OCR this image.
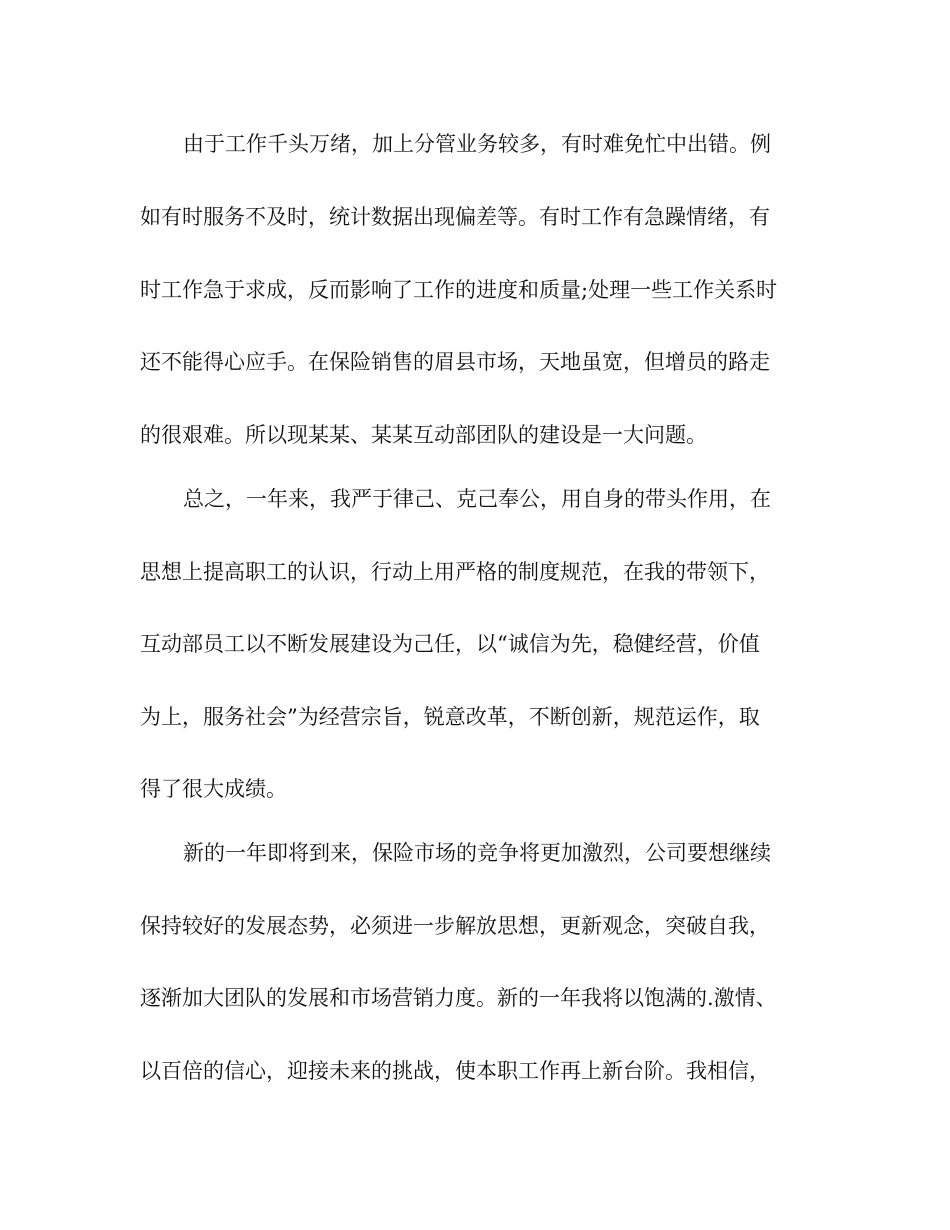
由于工作千头万绪，加上分管业务较多，有时难免忙中出错。例
如有时服务不及时，统计数据出现偏差等。有时工作有急躁情绪，有
时工作急于求成，反而影响了工作的进度和质量;处理一些工作关系时
还不能得心应手。在保险销售的眉县市场，天地虽宽，但增员的路走
的很艰难。所以现某某、某某互动部团队的建设是一大问题。
总之，一年来，我严于律己、克己奉公，用自身的带头作用，在
思想上提高职工的认识，行动上用严格的制度规范，在我的带领下，
互动部员工以不断发展建设为己任，以“诚信为先，稳健经营，价值
为上，服务社会”为经营宗旨，锐意改革，不断创新，规范运作，取
得了很大成绩。
新的一年即将到来，保险市场的竞争将更加激烈，公司要想继续
保持较好的发展态势，必须进一步解放思想，更新观念，突破自我，
逐渐加大团队的发展和市场营销力度。新的一年我将以饱满的.激情、
以百倍的信心，迎接未来的挑战，使本职工作再上新台阶。我相信，
